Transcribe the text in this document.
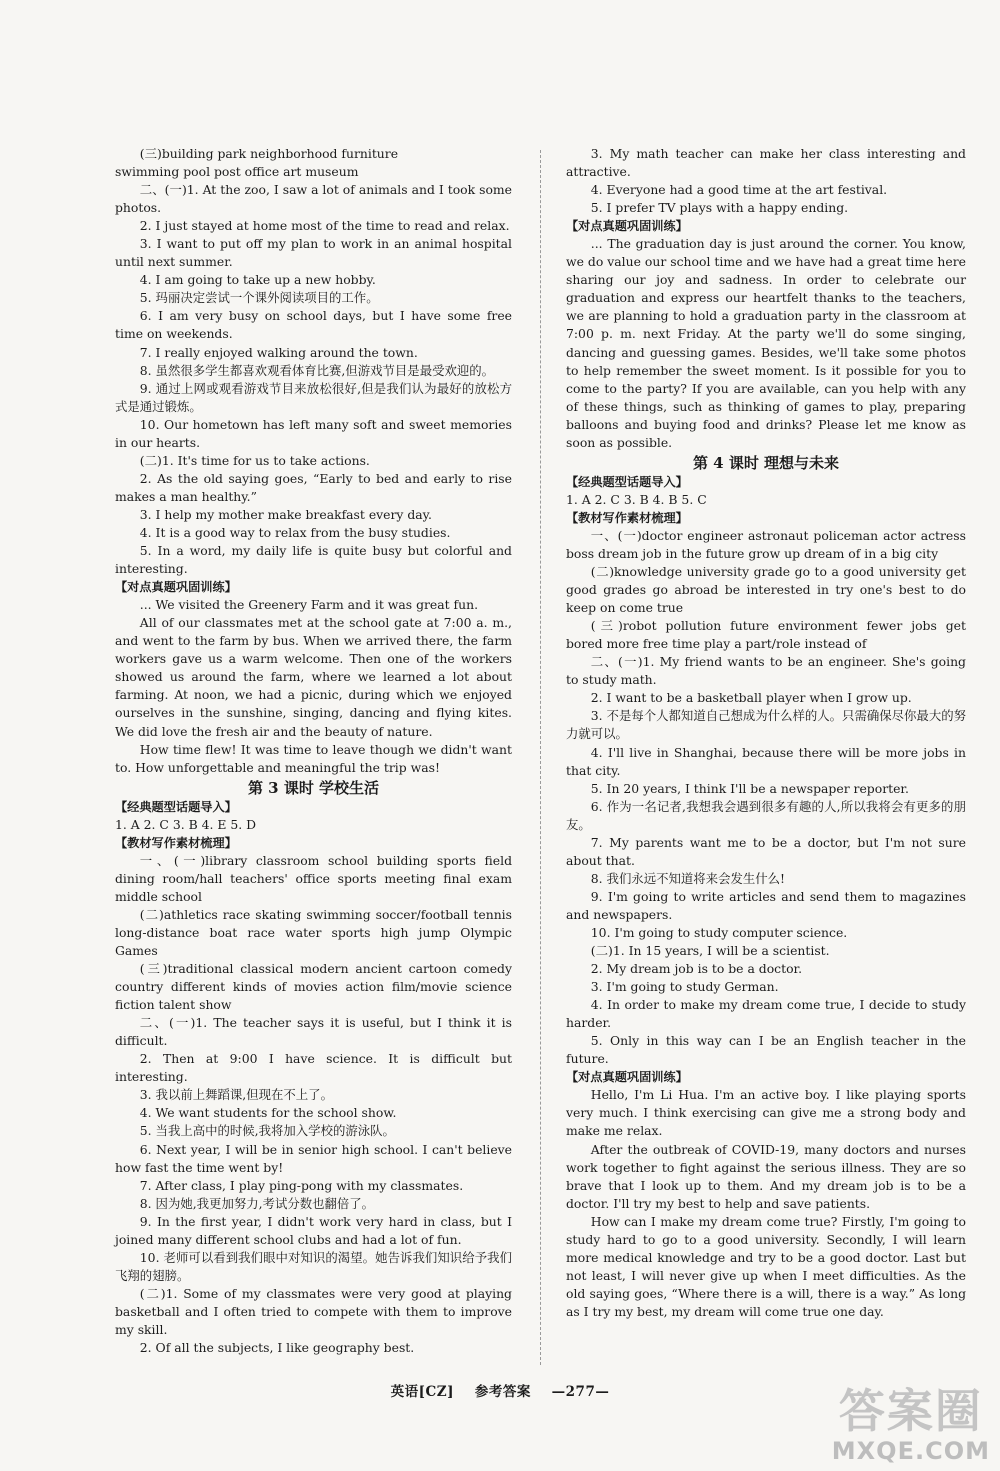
(三)building park neighborhood furniture
swimming pool post office art museum
二、(一)1. At the zoo, I saw a lot of animals and I took some photos.
2. I just stayed at home most of the time to read and relax.
3. I want to put off my plan to work in an animal hospital until next summer.
4. I am going to take up a new hobby.
5. 玛丽决定尝试一个课外阅读项目的工作。
6. I am very busy on school days, but I have some free time on weekends.
7. I really enjoyed walking around the town.
8. 虽然很多学生都喜欢观看体育比赛,但游戏节目是最受欢迎的。
9. 通过上网或观看游戏节目来放松很好,但是我们认为最好的放松方式是通过锻炼。
10. Our hometown has left many soft and sweet memories in our hearts.
(二)1. It's time for us to take actions.
2. As the old saying goes, “Early to bed and early to rise makes a man healthy.”
3. I help my mother make breakfast every day.
4. It is a good way to relax from the busy studies.
5. In a word, my daily life is quite busy but colorful and interesting.
【对点真题巩固训练】
... We visited the Greenery Farm and it was great fun.
All of our classmates met at the school gate at 7:00 a. m., and went to the farm by bus. When we arrived there, the farm workers gave us a warm welcome. Then one of the workers showed us around the farm, where we learned a lot about farming. At noon, we had a picnic, during which we enjoyed ourselves in the sunshine, singing, dancing and flying kites. We did love the fresh air and the beauty of nature.
How time flew! It was time to leave though we didn't want to. How unforgettable and meaningful the trip was!
第 3 课时 学校生活
【经典题型话题导入】
1. A 2. C 3. B 4. E 5. D
【教材写作素材梳理】
一、(一)library classroom school building sports field dining room/hall teachers' office sports meeting final exam middle school
(二)athletics race skating swimming soccer/football tennis long-distance boat race water sports high jump Olympic Games
(三)traditional classical modern ancient cartoon comedy country different kinds of movies action film/movie science fiction talent show
二、(一)1. The teacher says it is useful, but I think it is difficult.
2. Then at 9:00 I have science. It is difficult but interesting.
3. 我以前上舞蹈课,但现在不上了。
4. We want students for the school show.
5. 当我上高中的时候,我将加入学校的游泳队。
6. Next year, I will be in senior high school. I can't believe how fast the time went by!
7. After class, I play ping-pong with my classmates.
8. 因为她,我更加努力,考试分数也翻倍了。
9. In the first year, I didn't work very hard in class, but I joined many different school clubs and had a lot of fun.
10. 老师可以看到我们眼中对知识的渴望。她告诉我们知识给予我们飞翔的翅膀。
(二)1. Some of my classmates were very good at playing basketball and I often tried to compete with them to improve my skill.
2. Of all the subjects, I like geography best.
3. My math teacher can make her class interesting and attractive.
4. Everyone had a good time at the art festival.
5. I prefer TV plays with a happy ending.
【对点真题巩固训练】
... The graduation day is just around the corner. You know, we do value our school time and we have had a great time here sharing our joy and sadness. In order to celebrate our graduation and express our heartfelt thanks to the teachers, we are planning to hold a graduation party in the classroom at 7:00 p. m. next Friday. At the party we'll do some singing, dancing and guessing games. Besides, we'll take some photos to help remember the sweet moment. Is it possible for you to come to the party? If you are available, can you help with any of these things, such as thinking of games to play, preparing balloons and buying food and drinks? Please let me know as soon as possible.
第 4 课时 理想与未来
【经典题型话题导入】
1. A 2. C 3. B 4. B 5. C
【教材写作素材梳理】
一、(一)doctor engineer astronaut policeman actor actress boss dream job in the future grow up dream of in a big city
(二)knowledge university grade go to a good university get good grades go abroad be interested in try one's best to do keep on come true
(三)robot pollution future environment fewer jobs get bored more free time play a part/role instead of
二、(一)1. My friend wants to be an engineer. She's going to study math.
2. I want to be a basketball player when I grow up.
3. 不是每个人都知道自己想成为什么样的人。只需确保尽你最大的努力就可以。
4. I'll live in Shanghai, because there will be more jobs in that city.
5. In 20 years, I think I'll be a newspaper reporter.
6. 作为一名记者,我想我会遇到很多有趣的人,所以我将会有更多的朋友。
7. My parents want me to be a doctor, but I'm not sure about that.
8. 我们永远不知道将来会发生什么!
9. I'm going to write articles and send them to magazines and newspapers.
10. I'm going to study computer science.
(二)1. In 15 years, I will be a scientist.
2. My dream job is to be a doctor.
3. I'm going to study German.
4. In order to make my dream come true, I decide to study harder.
5. Only in this way can I be an English teacher in the future.
【对点真题巩固训练】
Hello, I'm Li Hua. I'm an active boy. I like playing sports very much. I think exercising can give me a strong body and make me relax.
After the outbreak of COVID-19, many doctors and nurses work together to fight against the serious illness. They are so brave that I look up to them. And my dream job is to be a doctor. I'll try my best to help and save patients.
How can I make my dream come true? Firstly, I'm going to study hard to go to a good university. Secondly, I will learn more medical knowledge and try to be a good doctor. Last but not least, I will never give up when I meet difficulties. As the old saying goes, “Where there is a will, there is a way.” As long as I try my best, my dream will come true one day.
英语[CZ] 参考答案 —277—	答案圈
MXQE.COM
